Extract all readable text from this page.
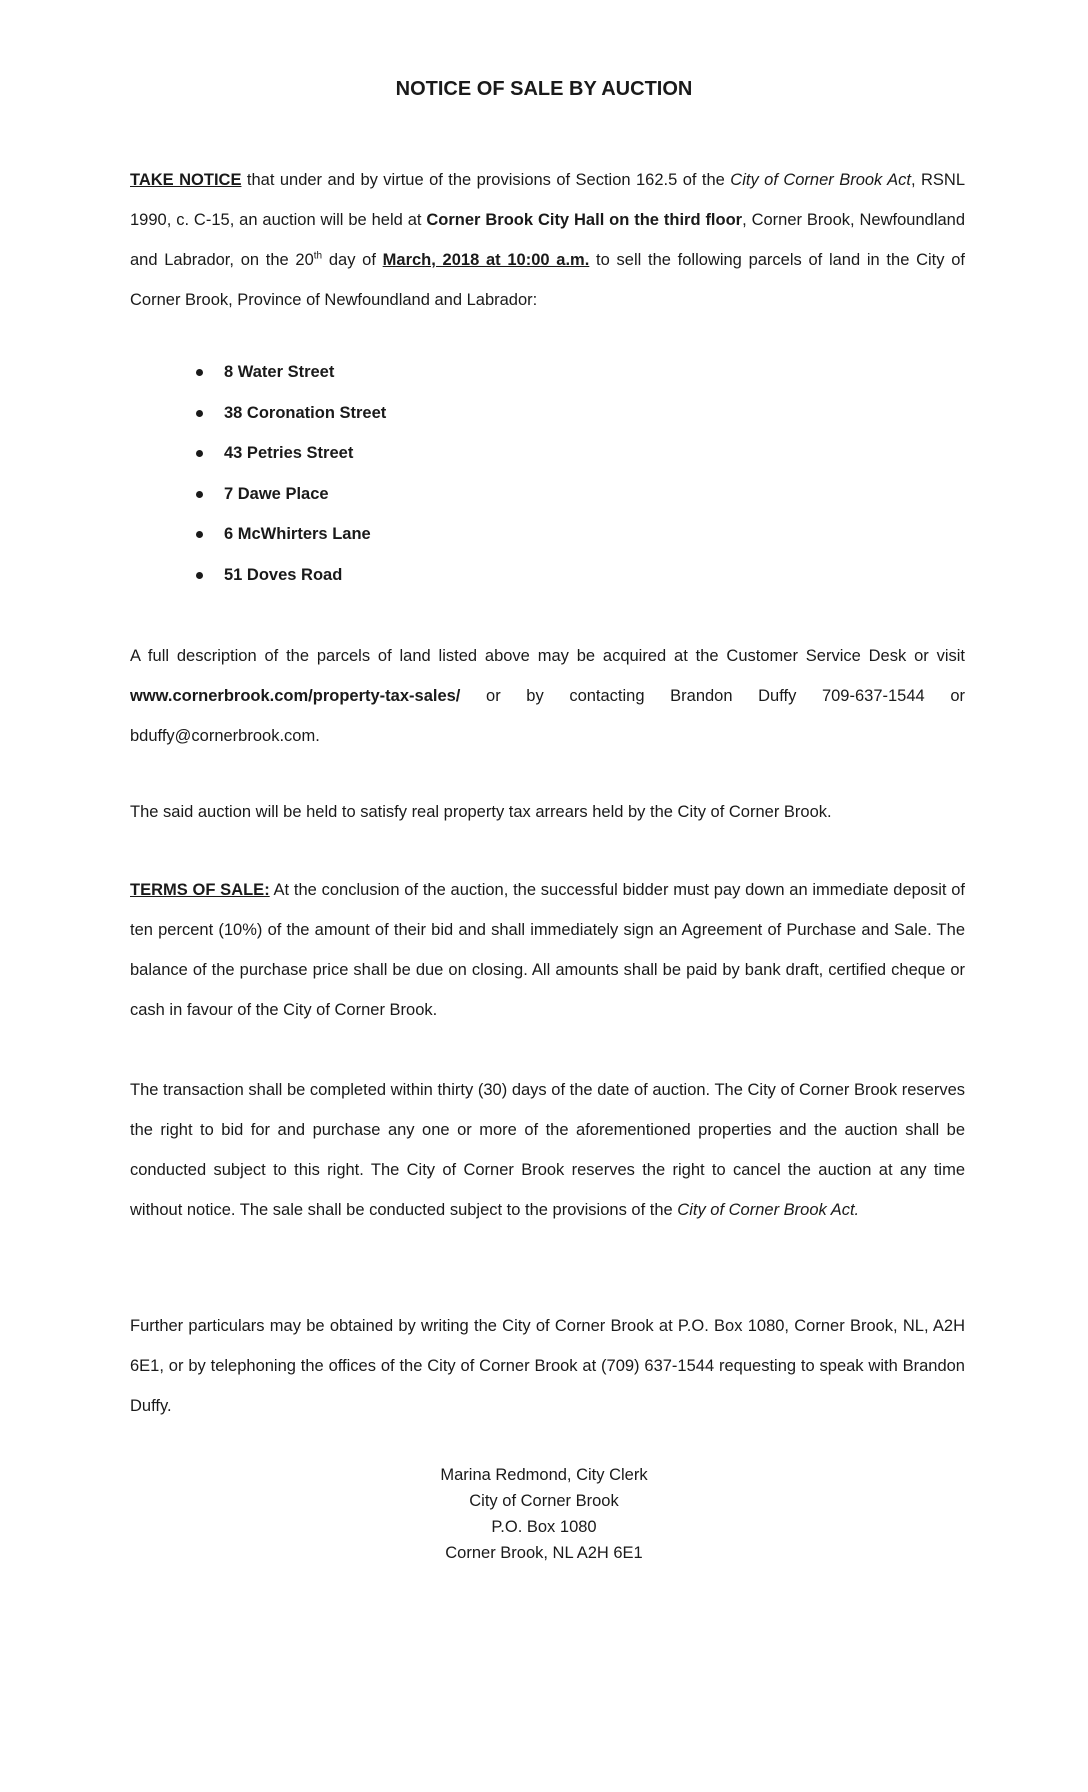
NOTICE OF SALE BY AUCTION

TAKE NOTICE that under and by virtue of the provisions of Section 162.5 of the City of Corner Brook Act, RSNL 1990, c. C-15, an auction will be held at Corner Brook City Hall on the third floor, Corner Brook, Newfoundland and Labrador, on the 20th day of March, 2018 at 10:00 a.m. to sell the following parcels of land in the City of Corner Brook, Province of Newfoundland and Labrador:

8 Water Street
38 Coronation Street
43 Petries Street
7 Dawe Place
6 McWhirters Lane
51 Doves Road

A full description of the parcels of land listed above may be acquired at the Customer Service Desk or visit www.cornerbrook.com/property-tax-sales/ or by contacting Brandon Duffy 709-637-1544 or bduffy@cornerbrook.com.

The said auction will be held to satisfy real property tax arrears held by the City of Corner Brook.

TERMS OF SALE: At the conclusion of the auction, the successful bidder must pay down an immediate deposit of ten percent (10%) of the amount of their bid and shall immediately sign an Agreement of Purchase and Sale. The balance of the purchase price shall be due on closing. All amounts shall be paid by bank draft, certified cheque or cash in favour of the City of Corner Brook.

The transaction shall be completed within thirty (30) days of the date of auction. The City of Corner Brook reserves the right to bid for and purchase any one or more of the aforementioned properties and the auction shall be conducted subject to this right. The City of Corner Brook reserves the right to cancel the auction at any time without notice. The sale shall be conducted subject to the provisions of the City of Corner Brook Act.

Further particulars may be obtained by writing the City of Corner Brook at P.O. Box 1080, Corner Brook, NL, A2H 6E1, or by telephoning the offices of the City of Corner Brook at (709) 637-1544 requesting to speak with Brandon Duffy.

Marina Redmond, City Clerk
City of Corner Brook
P.O. Box 1080
Corner Brook, NL A2H 6E1
